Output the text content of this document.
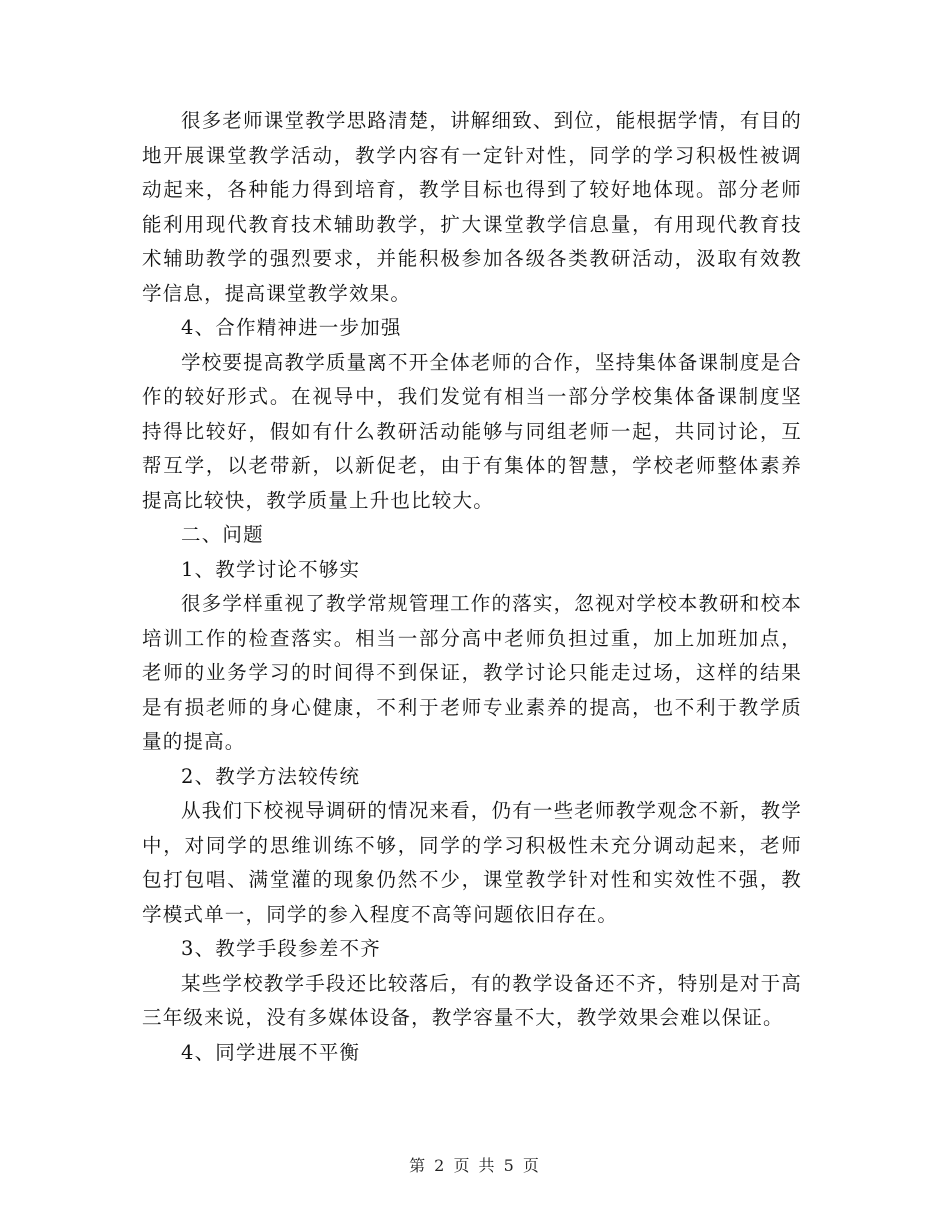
很多老师课堂教学思路清楚，讲解细致、到位，能根据学情，有目的地开展课堂教学活动，教学内容有一定针对性，同学的学习积极性被调动起来，各种能力得到培育，教学目标也得到了较好地体现。部分老师能利用现代教育技术辅助教学，扩大课堂教学信息量，有用现代教育技术辅助教学的强烈要求，并能积极参加各级各类教研活动，汲取有效教学信息，提高课堂教学效果。

4、合作精神进一步加强

学校要提高教学质量离不开全体老师的合作，坚持集体备课制度是合作的较好形式。在视导中，我们发觉有相当一部分学校集体备课制度坚持得比较好，假如有什么教研活动能够与同组老师一起，共同讨论，互帮互学，以老带新，以新促老，由于有集体的智慧，学校老师整体素养提高比较快，教学质量上升也比较大。

二、问题

1、教学讨论不够实

很多学样重视了教学常规管理工作的落实，忽视对学校本教研和校本培训工作的检查落实。相当一部分高中老师负担过重，加上加班加点，老师的业务学习的时间得不到保证，教学讨论只能走过场，这样的结果是有损老师的身心健康，不利于老师专业素养的提高，也不利于教学质量的提高。

2、教学方法较传统

从我们下校视导调研的情况来看，仍有一些老师教学观念不新，教学中，对同学的思维训练不够，同学的学习积极性未充分调动起来，老师包打包唱、满堂灌的现象仍然不少，课堂教学针对性和实效性不强，教学模式单一，同学的参入程度不高等问题依旧存在。

3、教学手段参差不齐

某些学校教学手段还比较落后，有的教学设备还不齐，特别是对于高三年级来说，没有多媒体设备，教学容量不大，教学效果会难以保证。

4、同学进展不平衡

第 2 页 共 5 页
